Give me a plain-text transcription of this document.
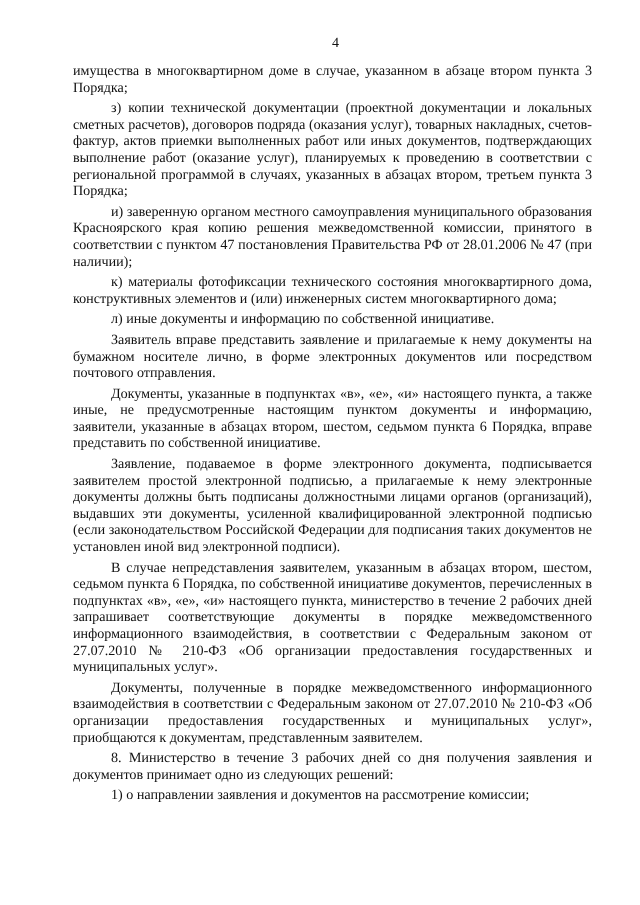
4

имущества в многоквартирном доме в случае, указанном в абзаце втором пункта 3 Порядка;

з) копии технической документации (проектной документации и локальных сметных расчетов), договоров подряда (оказания услуг), товарных накладных, счетов-фактур, актов приемки выполненных работ или иных документов, подтверждающих выполнение работ (оказание услуг), планируемых к проведению в соответствии с региональной программой в случаях, указанных в абзацах втором, третьем пункта 3 Порядка;

и) заверенную органом местного самоуправления муниципального образования Красноярского края копию решения межведомственной комиссии, принятого в соответствии с пунктом 47 постановления Правительства РФ от 28.01.2006 № 47 (при наличии);

к) материалы фотофиксации технического состояния многоквартирного дома, конструктивных элементов и (или) инженерных систем многоквартирного дома;

л) иные документы и информацию по собственной инициативе.

Заявитель вправе представить заявление и прилагаемые к нему документы на бумажном носителе лично, в форме электронных документов или посредством почтового отправления.

Документы, указанные в подпунктах «в», «е», «и» настоящего пункта, а также иные, не предусмотренные настоящим пунктом документы и информацию, заявители, указанные в абзацах втором, шестом, седьмом пункта 6 Порядка, вправе представить по собственной инициативе.

Заявление, подаваемое в форме электронного документа, подписывается заявителем простой электронной подписью, а прилагаемые к нему электронные документы должны быть подписаны должностными лицами органов (организаций), выдавших эти документы, усиленной квалифицированной электронной подписью (если законодательством Российской Федерации для подписания таких документов не установлен иной вид электронной подписи).

В случае непредставления заявителем, указанным в абзацах втором, шестом, седьмом пункта 6 Порядка, по собственной инициативе документов, перечисленных в подпунктах «в», «е», «и» настоящего пункта, министерство в течение 2 рабочих дней запрашивает соответствующие документы в порядке межведомственного информационного взаимодействия, в соответствии с Федеральным законом от 27.07.2010 № 210-ФЗ «Об организации предоставления государственных и муниципальных услуг».

Документы, полученные в порядке межведомственного информационного взаимодействия в соответствии с Федеральным законом от 27.07.2010 № 210-ФЗ «Об организации предоставления государственных и муниципальных услуг», приобщаются к документам, представленным заявителем.

8. Министерство в течение 3 рабочих дней со дня получения заявления и документов принимает одно из следующих решений:

1) о направлении заявления и документов на рассмотрение комиссии;
